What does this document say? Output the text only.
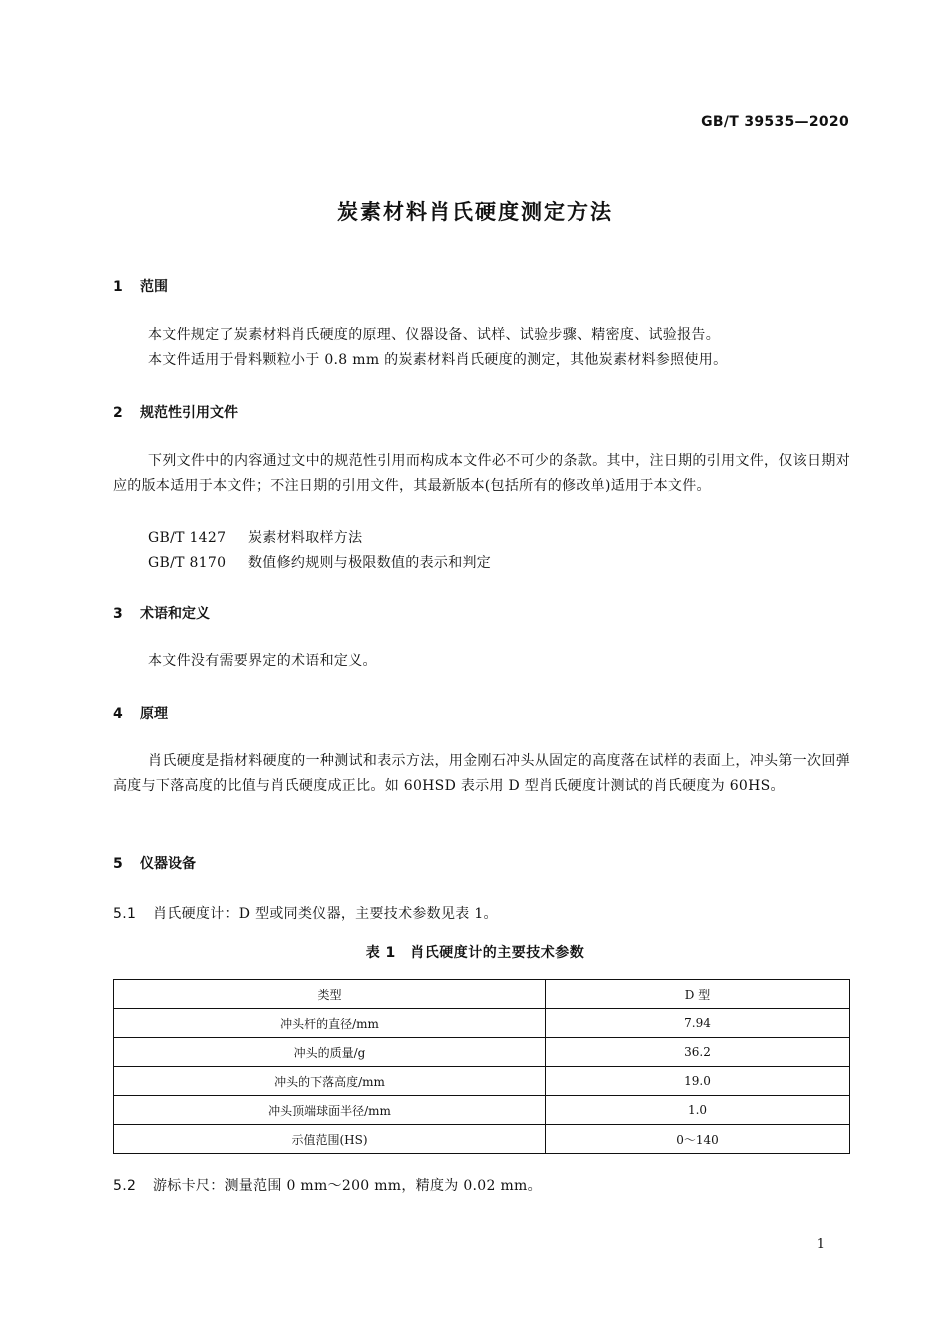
GB/T 39535—2020
炭素材料肖氏硬度测定方法
1 范围
本文件规定了炭素材料肖氏硬度的原理、仪器设备、试样、试验步骤、精密度、试验报告。
本文件适用于骨料颗粒小于 0.8 mm 的炭素材料肖氏硬度的测定，其他炭素材料参照使用。
2 规范性引用文件
下列文件中的内容通过文中的规范性引用而构成本文件必不可少的条款。其中，注日期的引用文件，仅该日期对应的版本适用于本文件；不注日期的引用文件，其最新版本(包括所有的修改单)适用于本文件。
GB/T 1427 炭素材料取样方法
GB/T 8170 数值修约规则与极限数值的表示和判定
3 术语和定义
本文件没有需要界定的术语和定义。
4 原理
肖氏硬度是指材料硬度的一种测试和表示方法，用金刚石冲头从固定的高度落在试样的表面上，冲头第一次回弹高度与下落高度的比值与肖氏硬度成正比。如 60HSD 表示用 D 型肖氏硬度计测试的肖氏硬度为 60HS。
5 仪器设备
5.1 肖氏硬度计：D 型或同类仪器，主要技术参数见表 1。
表 1　肖氏硬度计的主要技术参数
类型	D 型
冲头杆的直径/mm	7.94
冲头的质量/g	36.2
冲头的下落高度/mm	19.0
冲头顶端球面半径/mm	1.0
示值范围(HS)	0～140
5.2 游标卡尺：测量范围 0 mm～200 mm，精度为 0.02 mm。
1
